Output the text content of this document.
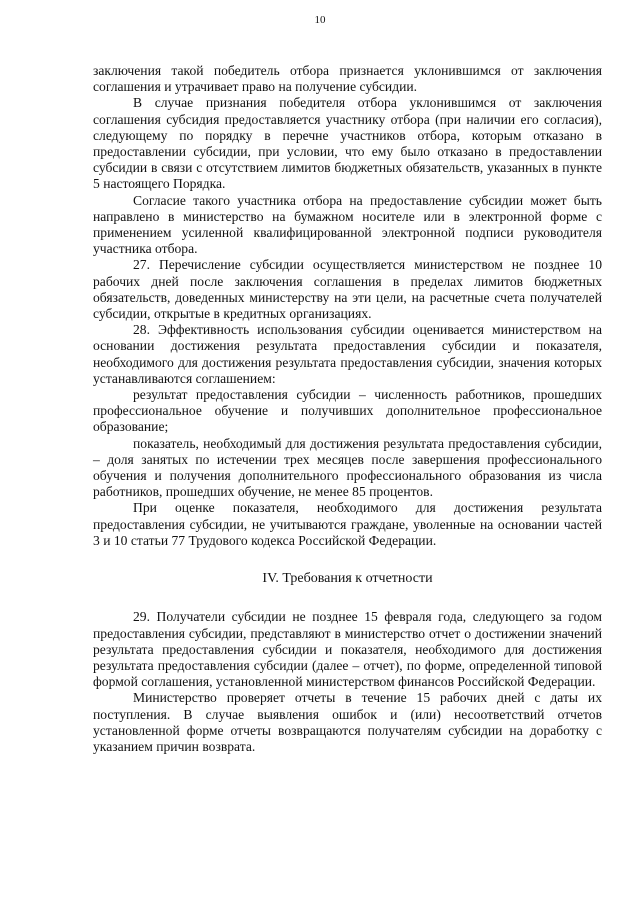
10

заключения такой победитель отбора признается уклонившимся от заключения соглашения и утрачивает право на получение субсидии.

В случае признания победителя отбора уклонившимся от заключения соглашения субсидия предоставляется участнику отбора (при наличии его согласия), следующему по порядку в перечне участников отбора, которым отказано в предоставлении субсидии, при условии, что ему было отказано в предоставлении субсидии в связи с отсутствием лимитов бюджетных обязательств, указанных в пункте 5 настоящего Порядка.

Согласие такого участника отбора на предоставление субсидии может быть направлено в министерство на бумажном носителе или в электронной форме с применением усиленной квалифицированной электронной подписи руководителя участника отбора.

27. Перечисление субсидии осуществляется министерством не позднее 10 рабочих дней после заключения соглашения в пределах лимитов бюджетных обязательств, доведенных министерству на эти цели, на расчетные счета получателей субсидии, открытые в кредитных организациях.

28. Эффективность использования субсидии оценивается министерством на основании достижения результата предоставления субсидии и показателя, необходимого для достижения результата предоставления субсидии, значения которых устанавливаются соглашением:

результат предоставления субсидии – численность работников, прошедших профессиональное обучение и получивших дополнительное профессиональное образование;

показатель, необходимый для достижения результата предоставления субсидии, – доля занятых по истечении трех месяцев после завершения профессионального обучения и получения дополнительного профессионального образования из числа работников, прошедших обучение, не менее 85 процентов.

При оценке показателя, необходимого для достижения результата предоставления субсидии, не учитываются граждане, уволенные на основании частей 3 и 10 статьи 77 Трудового кодекса Российской Федерации.

IV. Требования к отчетности

29. Получатели субсидии не позднее 15 февраля года, следующего за годом предоставления субсидии, представляют в министерство отчет о достижении значений результата предоставления субсидии и показателя, необходимого для достижения результата предоставления субсидии (далее – отчет), по форме, определенной типовой формой соглашения, установленной министерством финансов Российской Федерации.

Министерство проверяет отчеты в течение 15 рабочих дней с даты их поступления. В случае выявления ошибок и (или) несоответствий отчетов установленной форме отчеты возвращаются получателям субсидии на доработку с указанием причин возврата.
